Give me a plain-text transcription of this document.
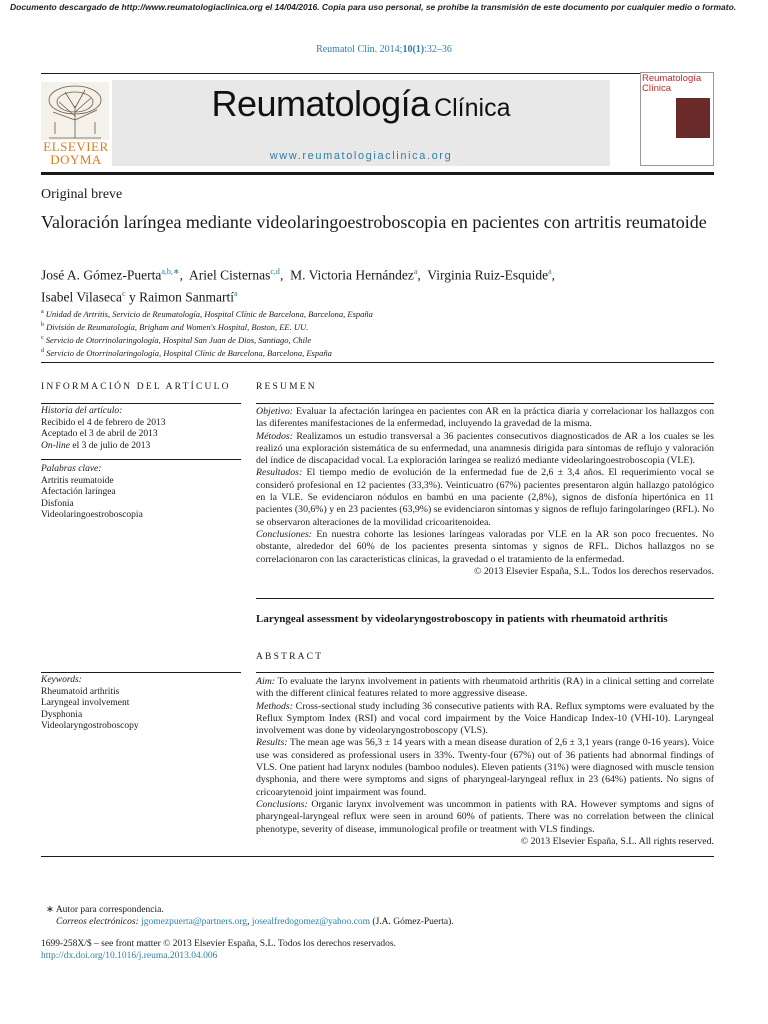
Documento descargado de http://www.reumatologiaclinica.org el 14/04/2016. Copia para uso personal, se prohíbe la transmisión de este documento por cualquier medio o formato.
Reumatol Clin. 2014;10(1):32–36
ELSEVIER
DOYMA
Reumatología Clínica
www.reumatologiaclinica.org
Reumatología
Clínica
Original breve
Valoración laríngea mediante videolaringoestroboscopia en pacientes con artritis reumatoide
José A. Gómez-Puerta$^{a,b,∗}$,  Ariel Cisternas$^{c,d}$,  M. Victoria Hernández$^a$,  Virginia Ruiz-Esquide$^a$,
Isabel Vilaseca$^c$ y Raimon Sanmartí$^a$
$^a$ Unidad de Artritis, Servicio de Reumatología, Hospital Clínic de Barcelona, Barcelona, España
$^b$ División de Reumatología, Brigham and Women's Hospital, Boston, EE. UU.
$^c$ Servicio de Otorrinolaringología, Hospital San Juan de Dios, Santiago, Chile
$^d$ Servicio de Otorrinolaringología, Hospital Clínic de Barcelona, Barcelona, España
INFORMACIÓN DEL ARTÍCULO
Historia del artículo:
Recibido el 4 de febrero de 2013
Aceptado el 3 de abril de 2013
On-line el 3 de julio de 2013
Palabras clave:
Artritis reumatoide
Afectación laríngea
Disfonía
Videolaringoestroboscopia
Keywords:
Rheumatoid arthritis
Laryngeal involvement
Dysphonia
Videolaryngostroboscopy
RESUMEN

Objetivo: Evaluar la afectación laríngea en pacientes con AR en la práctica diaria y correlacionar los hallazgos con las diferentes manifestaciones de la enfermedad, incluyendo la gravedad de la misma.

Métodos: Realizamos un estudio transversal a 36 pacientes consecutivos diagnosticados de AR a los cuales se les realizó una exploración sistemática de su enfermedad, una anamnesis dirigida para síntomas de reflujo y valoración del índice de discapacidad vocal. La exploración laríngea se realizó mediante videolaringoestroboscopia (VLE).

Resultados: El tiempo medio de evolución de la enfermedad fue de 2,6 ± 3,4 años. El requerimiento vocal se consideró profesional en 12 pacientes (33,3%). Veinticuatro (67%) pacientes presentaron algún hallazgo patológico en la VLE. Se evidenciaron nódulos en bambú en una paciente (2,8%), signos de disfonía hipertónica en 11 pacientes (30,6%) y en 23 pacientes (63,9%) se evidenciaron síntomas y signos de reflujo faringolaríngeo (RFL). No se observaron alteraciones de la movilidad cricoaritenoidea.

Conclusiones: En nuestra cohorte las lesiones laríngeas valoradas por VLE en la AR son poco frecuentes. No obstante, alrededor del 60% de los pacientes presenta síntomas y signos de RFL. Dichos hallazgos no se correlacionaron con las características clínicas, la gravedad o el tratamiento de la enfermedad.

© 2013 Elsevier España, S.L. Todos los derechos reservados.

Laryngeal assessment by videolaryngostroboscopy in patients with rheumatoid arthritis
ABSTRACT

Aim: To evaluate the larynx involvement in patients with rheumatoid arthritis (RA) in a clinical setting and correlate with the different clinical features related to more aggressive disease.

Methods: Cross-sectional study including 36 consecutive patients with RA. Reflux symptoms were evaluated by the Reflux Symptom Index (RSI) and vocal cord impairment by the Voice Handicap Index-10 (VHI-10). Laryngeal involvement was done by videolaryngostroboscopy (VLS).

Results: The mean age was 56,3 ± 14 years with a mean disease duration of 2,6 ± 3,1 years (range 0-16 years). Voice use was considered as professional users in 33%. Twenty-four (67%) out of 36 patients had abnormal findings of VLS. One patient had larynx nodules (bamboo nodules). Eleven patients (31%) were diagnosed with muscle tension dysphonia, and there were symptoms and signs of pharyngeal-laryngeal reflux in 23 (64%) patients. No signs of cricoarytenoid joint impairment was found.

Conclusions: Organic larynx involvement was uncommon in patients with RA. However symptoms and signs of pharyngeal-laryngeal reflux were seen in around 60% of patients. There was no correlation between the clinical phenotype, severity of disease, immunological profile or treatment with VLS findings.

© 2013 Elsevier España, S.L. All rights reserved.

∗ Autor para correspondencia.
Correos electrónicos: jgomezpuerta@partners.org, josealfredogomez@yahoo.com (J.A. Gómez-Puerta).
1699-258X/$ – see front matter © 2013 Elsevier España, S.L. Todos los derechos reservados.
http://dx.doi.org/10.1016/j.reuma.2013.04.006
